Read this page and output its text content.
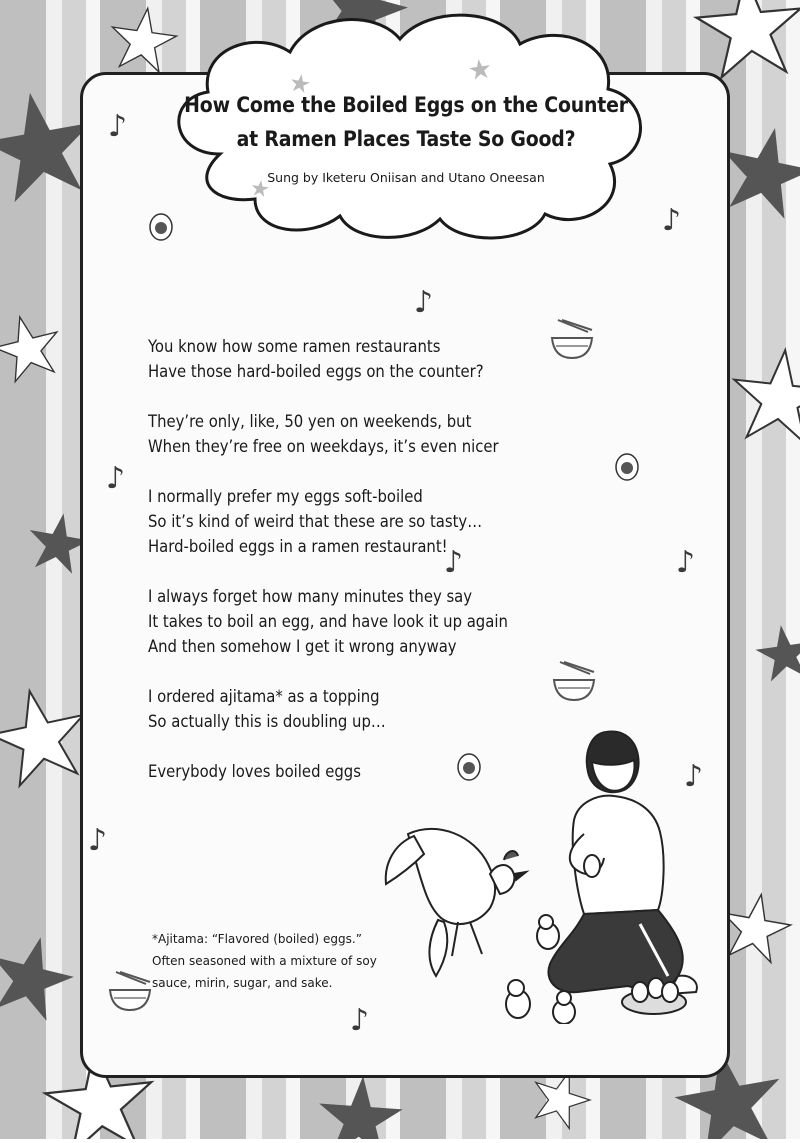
How Come the Boiled Eggs on the Counter
at Ramen Places Taste So Good?
Sung by Iketeru Oniisan and Utano Oneesan
♪
♪
♪
♪
♪	♪
♪
♪
♪
You know how some ramen restaurants
Have those hard-boiled eggs on the counter?
They’re only, like, 50 yen on weekends, but
When they’re free on weekdays, it’s even nicer
I normally prefer my eggs soft-boiled
So it’s kind of weird that these are so tasty…
Hard-boiled eggs in a ramen restaurant!
I always forget how many minutes they say
It takes to boil an egg, and have look it up again
And then somehow I get it wrong anyway
I ordered ajitama* as a topping
So actually this is doubling up…
Everybody loves boiled eggs
*Ajitama: “Flavored (boiled) eggs.” Often seasoned with a mixture of soy sauce, mirin, sugar, and sake.
